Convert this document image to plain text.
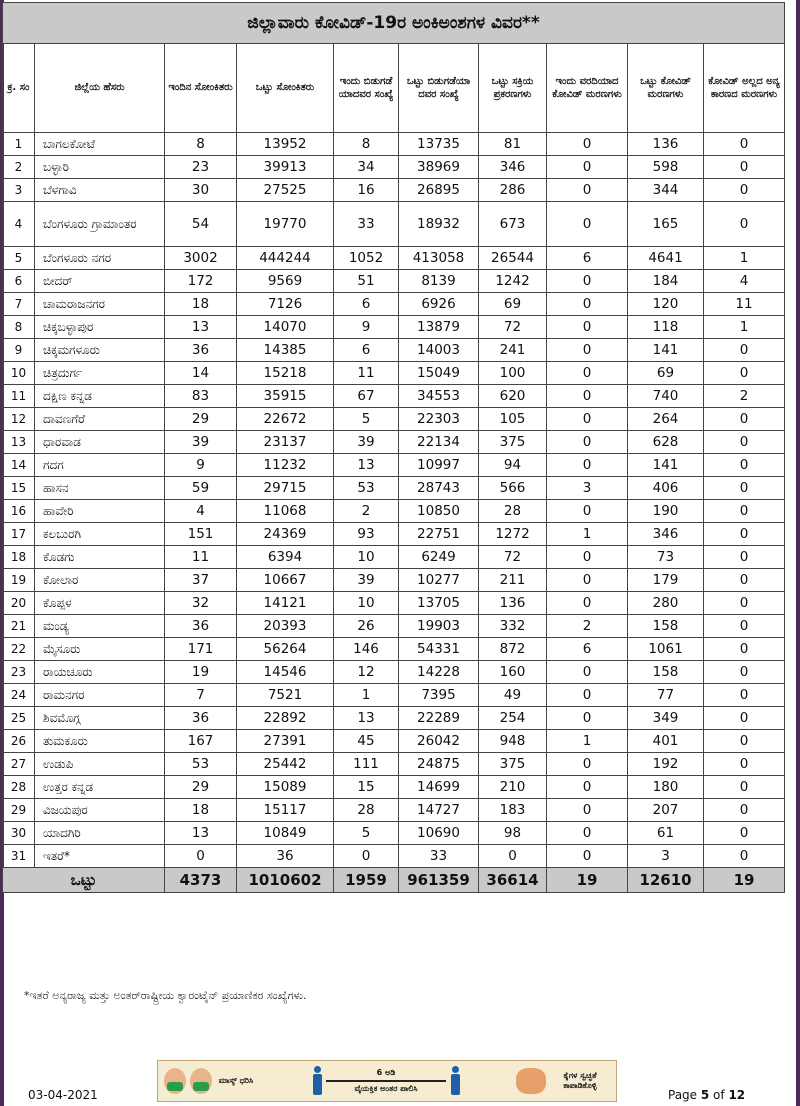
ಜಿಲ್ಲಾವಾರು ಕೋವಿಡ್-19ರ ಅಂಕಿಅಂಶಗಳ ವಿವರ**									
ಕ್ರ. ಸಂ	ಜಿಲ್ಲೆಯ ಹೆಸರು	ಇಂದಿನ ಸೋಂಕಿತರು	ಒಟ್ಟು ಸೋಂಕಿತರು	ಇಂದು ಬಿಡುಗಡೆ ಯಾದವರ ಸಂಖ್ಯೆ	ಒಟ್ಟು ಬಿಡುಗಡೆಯಾ ದವರ ಸಂಖ್ಯೆ	ಒಟ್ಟು ಸಕ್ರಿಯ ಪ್ರಕರಣಗಳು	ಇಂದು ವರದಿಯಾದ ಕೋವಿಡ್ ಮರಣಗಳು	ಒಟ್ಟು ಕೋವಿಡ್ ಮರಣಗಳು	ಕೋವಿಡ್ ಅಲ್ಲದ ಅನ್ಯ ಕಾರಣದ ಮರಣಗಳು
1	ಬಾಗಲಕೋಟೆ	8	13952	8	13735	81	0	136	0
2	ಬಳ್ಳಾರಿ	23	39913	34	38969	346	0	598	0
3	ಬೆಳಗಾವಿ	30	27525	16	26895	286	0	344	0
4	ಬೆಂಗಳೂರು ಗ್ರಾಮಾಂತರ	54	19770	33	18932	673	0	165	0
5	ಬೆಂಗಳೂರು ನಗರ	3002	444244	1052	413058	26544	6	4641	1
6	ಬೀದರ್	172	9569	51	8139	1242	0	184	4
7	ಚಾಮರಾಜನಗರ	18	7126	6	6926	69	0	120	11
8	ಚಿಕ್ಕಬಳ್ಳಾಪುರ	13	14070	9	13879	72	0	118	1
9	ಚಿಕ್ಕಮಗಳೂರು	36	14385	6	14003	241	0	141	0
10	ಚಿತ್ರದುರ್ಗ	14	15218	11	15049	100	0	69	0
11	ದಕ್ಷಿಣ ಕನ್ನಡ	83	35915	67	34553	620	0	740	2
12	ದಾವಣಗೆರೆ	29	22672	5	22303	105	0	264	0
13	ಧಾರವಾಡ	39	23137	39	22134	375	0	628	0
14	ಗದಗ	9	11232	13	10997	94	0	141	0
15	ಹಾಸನ	59	29715	53	28743	566	3	406	0
16	ಹಾವೇರಿ	4	11068	2	10850	28	0	190	0
17	ಕಲಬುರಗಿ	151	24369	93	22751	1272	1	346	0
18	ಕೊಡಗು	11	6394	10	6249	72	0	73	0
19	ಕೋಲಾರ	37	10667	39	10277	211	0	179	0
20	ಕೊಪ್ಪಳ	32	14121	10	13705	136	0	280	0
21	ಮಂಡ್ಯ	36	20393	26	19903	332	2	158	0
22	ಮೈಸೂರು	171	56264	146	54331	872	6	1061	0
23	ರಾಯಚೂರು	19	14546	12	14228	160	0	158	0
24	ರಾಮನಗರ	7	7521	1	7395	49	0	77	0
25	ಶಿವಮೊಗ್ಗ	36	22892	13	22289	254	0	349	0
26	ತುಮಕೂರು	167	27391	45	26042	948	1	401	0
27	ಉಡುಪಿ	53	25442	111	24875	375	0	192	0
28	ಉತ್ತರ ಕನ್ನಡ	29	15089	15	14699	210	0	180	0
29	ವಿಜಯಪುರ	18	15117	28	14727	183	0	207	0
30	ಯಾದಗಿರಿ	13	10849	5	10690	98	0	61	0
31	ಇತರೆ*	0	36	0	33	0	0	3	0
ಒಟ್ಟು		4373	1010602	1959	961359	36614	19	12610	19
*ಇತರೆ ಅನ್ಯರಾಜ್ಯ ಮತ್ತು ಅಂತರ್‌ರಾಷ್ಟ್ರೀಯ ಕ್ವಾರಂಟೈನ್ ಪ್ರಯಾಣಿಕರ ಸಂಖ್ಯೆಗಳು.
ಮಾಸ್ಕ್ ಧರಿಸಿ
6 ಅಡಿ
ವೈಯಕ್ತಿಕ ಅಂತರ ಪಾಲಿಸಿ
ಕೈಗಳ ಸ್ವಚ್ಛತೆ ಕಾಪಾಡಿಕೊಳ್ಳಿ
03-04-2021	Page 5 of 12
